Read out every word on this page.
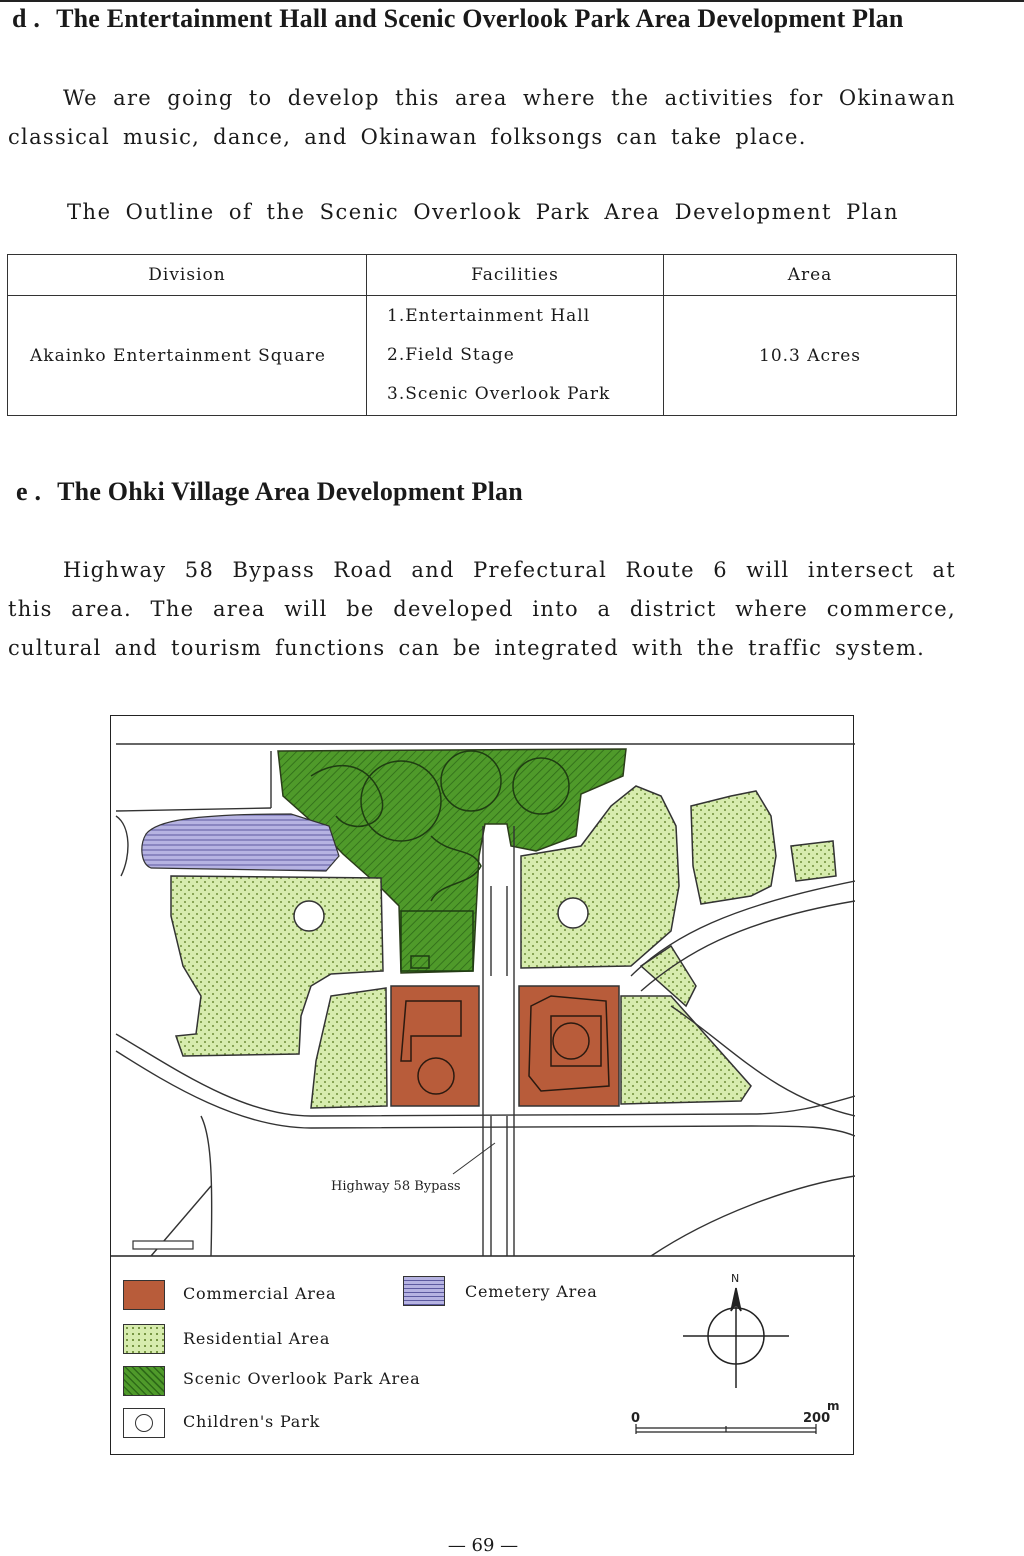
d . The Entertainment Hall and Scenic Overlook Park Area Development Plan
We are going to develop this area where the activities for Okinawan classical music, dance, and Okinawan folksongs can take place.
The Outline of the Scenic Overlook Park Area Development Plan
Division	Facilities	Area
Akainko Entertainment Square	1.Entertainment Hall
2.Field Stage
3.Scenic Overlook Park	10.3 Acres
e . The Ohki Village Area Development Plan
Highway 58 Bypass Road and Prefectural Route 6 will intersect at this area. The area will be developed into a district where commerce, cultural and tourism functions can be integrated with the traffic system.
Highway 58 Bypass
N
0	200
m
Commercial Area
Residential Area
Scenic Overlook Park Area
Children's Park
Cemetery Area
— 69 —
